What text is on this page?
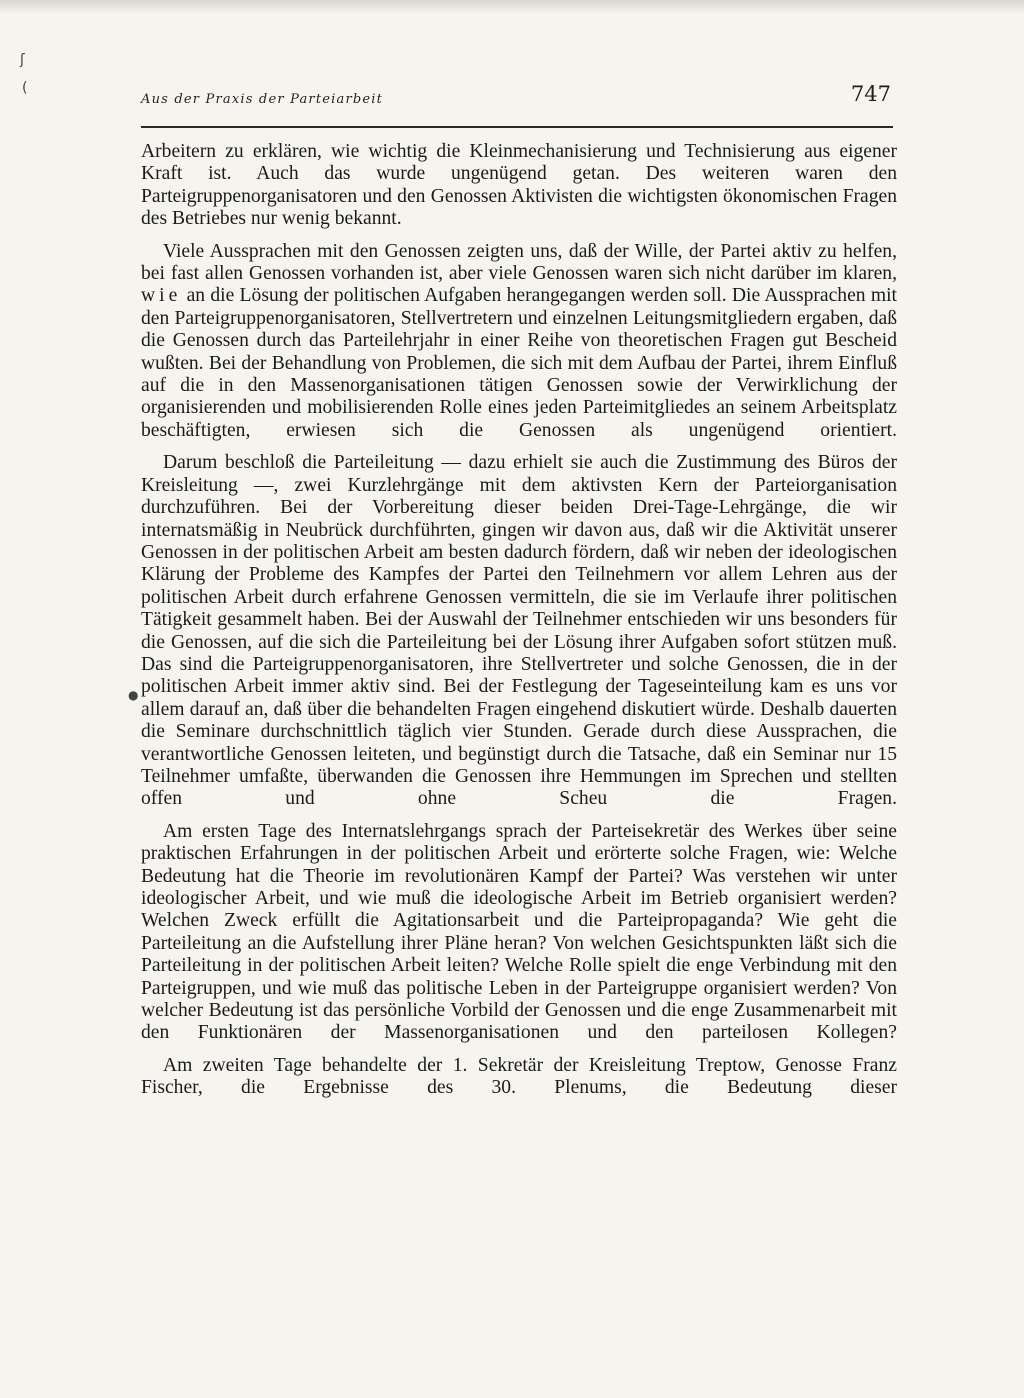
ʃ
(
●
Aus der Praxis der Parteiarbeit	747

Arbeitern zu erklären, wie wichtig die Kleinmechanisierung und Technisierung aus eigener Kraft ist. Auch das wurde ungenügend getan. Des weiteren waren den Parteigruppenorganisatoren und den Genossen Aktivisten die wichtigsten ökonomischen Fragen des Betriebes nur wenig bekannt.

Viele Aussprachen mit den Genossen zeigten uns, daß der Wille, der Partei aktiv zu helfen, bei fast allen Genossen vorhanden ist, aber viele Genossen waren sich nicht darüber im klaren, wie an die Lösung der politischen Aufgaben herangegangen werden soll. Die Aussprachen mit den Parteigruppenorganisatoren, Stellvertretern und einzelnen Leitungsmitgliedern ergaben, daß die Genossen durch das Parteilehrjahr in einer Reihe von theoretischen Fragen gut Bescheid wußten. Bei der Behandlung von Problemen, die sich mit dem Aufbau der Partei, ihrem Einfluß auf die in den Massenorganisationen tätigen Genossen sowie der Verwirklichung der organisierenden und mobilisierenden Rolle eines jeden Parteimitgliedes an seinem Arbeitsplatz beschäftigten, erwiesen sich die Genossen als ungenügend orientiert.

Darum beschloß die Parteileitung — dazu erhielt sie auch die Zustimmung des Büros der Kreisleitung —, zwei Kurzlehrgänge mit dem aktivsten Kern der Parteiorganisation durchzuführen. Bei der Vorbereitung dieser beiden Drei-Tage-Lehrgänge, die wir internatsmäßig in Neubrück durchführten, gingen wir davon aus, daß wir die Aktivität unserer Genossen in der politischen Arbeit am besten dadurch fördern, daß wir neben der ideologischen Klärung der Probleme des Kampfes der Partei den Teilnehmern vor allem Lehren aus der politischen Arbeit durch erfahrene Genossen vermitteln, die sie im Verlaufe ihrer politischen Tätigkeit gesammelt haben. Bei der Auswahl der Teilnehmer entschieden wir uns besonders für die Genossen, auf die sich die Parteileitung bei der Lösung ihrer Aufgaben sofort stützen muß. Das sind die Parteigruppenorganisatoren, ihre Stellvertreter und solche Genossen, die in der politischen Arbeit immer aktiv sind. Bei der Festlegung der Tageseinteilung kam es uns vor allem darauf an, daß über die behandelten Fragen eingehend diskutiert würde. Deshalb dauerten die Seminare durchschnittlich täglich vier Stunden. Gerade durch diese Aussprachen, die verantwortliche Genossen leiteten, und begünstigt durch die Tatsache, daß ein Seminar nur 15 Teilnehmer umfaßte, überwanden die Genossen ihre Hemmungen im Sprechen und stellten offen und ohne Scheu die Fragen.

Am ersten Tage des Internatslehrgangs sprach der Parteisekretär des Werkes über seine praktischen Erfahrungen in der politischen Arbeit und erörterte solche Fragen, wie: Welche Bedeutung hat die Theorie im revolutionären Kampf der Partei? Was verstehen wir unter ideologischer Arbeit, und wie muß die ideologische Arbeit im Betrieb organisiert werden? Welchen Zweck erfüllt die Agitationsarbeit und die Parteipropaganda? Wie geht die Parteileitung an die Aufstellung ihrer Pläne heran? Von welchen Gesichtspunkten läßt sich die Parteileitung in der politischen Arbeit leiten? Welche Rolle spielt die enge Verbindung mit den Parteigruppen, und wie muß das politische Leben in der Parteigruppe organisiert werden? Von welcher Bedeutung ist das persönliche Vorbild der Genossen und die enge Zusammenarbeit mit den Funktionären der Massenorganisationen und den parteilosen Kollegen?

Am zweiten Tage behandelte der 1. Sekretär der Kreisleitung Treptow, Genosse Franz Fischer, die Ergebnisse des 30. Plenums, die Bedeutung dieser
